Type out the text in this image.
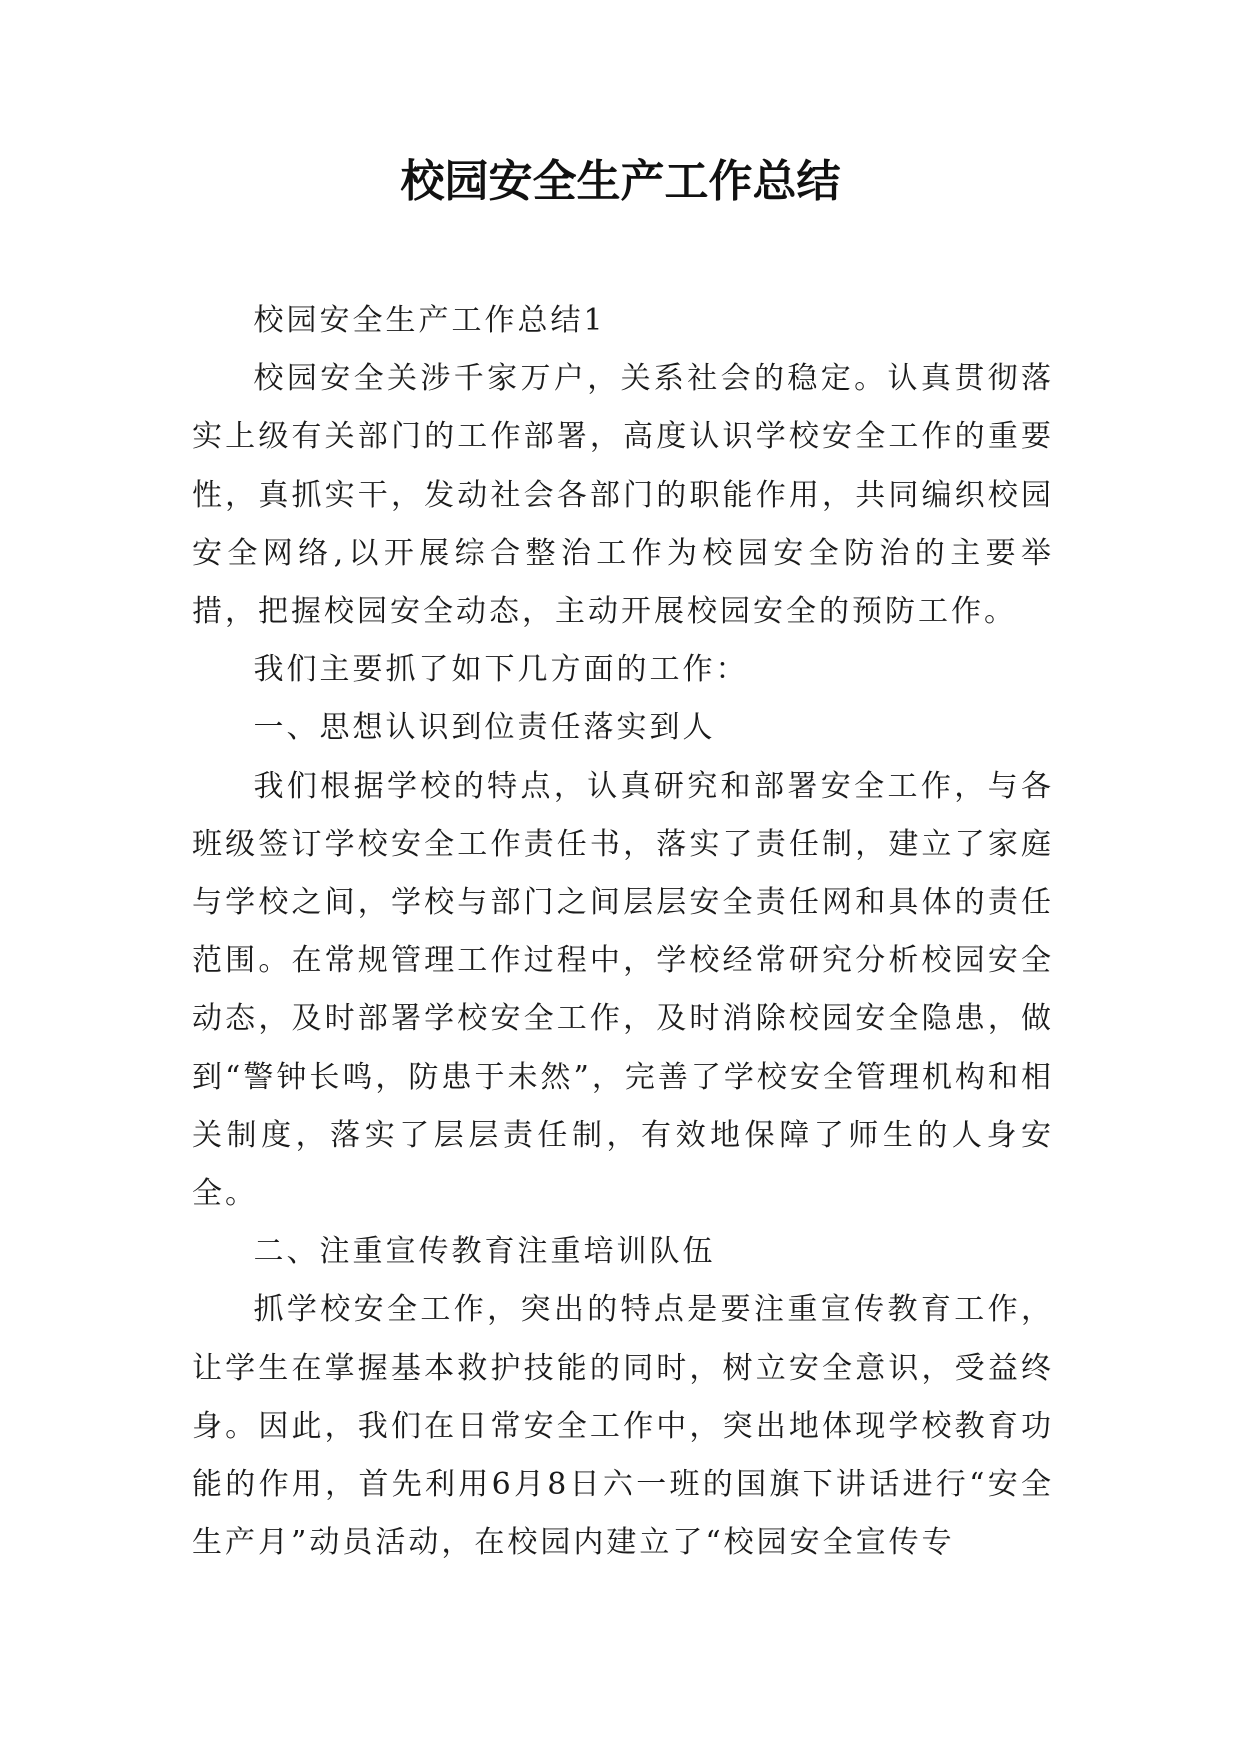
校园安全生产工作总结

校园安全生产工作总结1

校园安全关涉千家万户，关系社会的稳定。认真贯彻落实上级有关部门的工作部署，高度认识学校安全工作的重要性，真抓实干，发动社会各部门的职能作用，共同编织校园安全网络,以开展综合整治工作为校园安全防治的主要举措，把握校园安全动态，主动开展校园安全的预防工作。

我们主要抓了如下几方面的工作：

一、思想认识到位责任落实到人

我们根据学校的特点，认真研究和部署安全工作，与各班级签订学校安全工作责任书，落实了责任制，建立了家庭与学校之间，学校与部门之间层层安全责任网和具体的责任范围。在常规管理工作过程中，学校经常研究分析校园安全动态，及时部署学校安全工作，及时消除校园安全隐患，做到“警钟长鸣，防患于未然”，完善了学校安全管理机构和相关制度，落实了层层责任制，有效地保障了师生的人身安全。

二、注重宣传教育注重培训队伍

抓学校安全工作，突出的特点是要注重宣传教育工作，让学生在掌握基本救护技能的同时，树立安全意识，受益终身。因此，我们在日常安全工作中，突出地体现学校教育功能的作用，首先利用6月8日六一班的国旗下讲话进行“安全生产月”动员活动，在校园内建立了“校园安全宣传专
